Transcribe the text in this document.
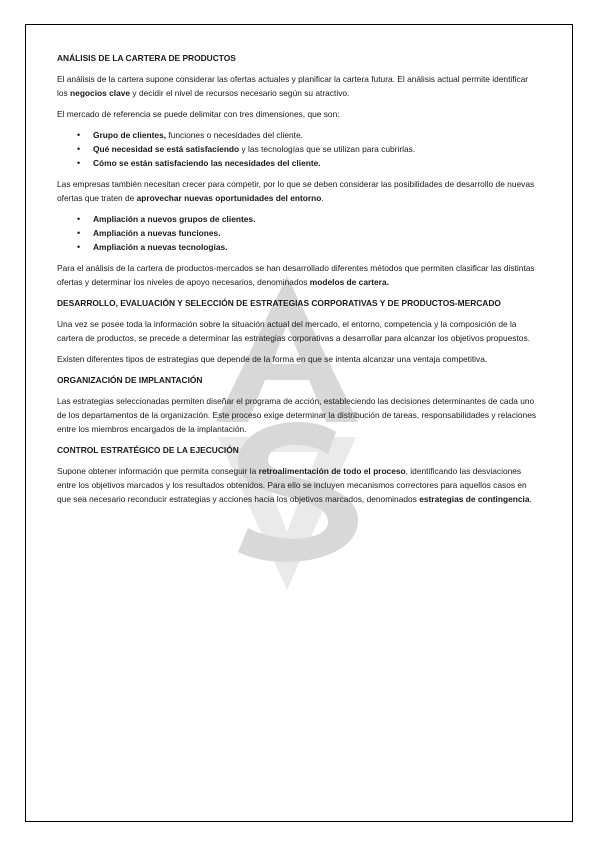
ANÁLISIS DE LA CARTERA DE PRODUCTOS

El análisis de la cartera supone considerar las ofertas actuales y planificar la cartera futura. El análisis actual permite identificar los negocios clave y decidir el nivel de recursos necesario según su atractivo.

El mercado de referencia se puede delimitar con tres dimensiones, que son:

• Grupo de clientes, funciones o necesidades del cliente.
• Qué necesidad se está satisfaciendo y las tecnologías que se utilizan para cubrirlas.
• Cómo se están satisfaciendo las necesidades del cliente.

Las empresas también necesitan crecer para competir, por lo que se deben considerar las posibilidades de desarrollo de nuevas ofertas que traten de aprovechar nuevas oportunidades del entorno.

• Ampliación a nuevos grupos de clientes.
• Ampliación a nuevas funciones.
• Ampliación a nuevas tecnologías.

Para el análisis de la cartera de productos-mercados se han desarrollado diferentes métodos que permiten clasificar las distintas ofertas y determinar los niveles de apoyo necesarios, denominados modelos de cartera.

DESARROLLO, EVALUACIÓN Y SELECCIÓN DE ESTRATEGIAS CORPORATIVAS Y DE PRODUCTOS-MERCADO

Una vez se posee toda la información sobre la situación actual del mercado, el entorno, competencia y la composición de la cartera de productos, se precede a determinar las estrategias corporativas a desarrollar para alcanzar los objetivos propuestos.

Existen diferentes tipos de estrategias que depende de la forma en que se intenta alcanzar una ventaja competitiva.

ORGANIZACIÓN DE IMPLANTACIÓN

Las estrategias seleccionadas permiten diseñar el programa de acción, estableciendo las decisiones determinantes de cada uno de los departamentos de la organización. Este proceso exige determinar la distribución de tareas, responsabilidades y relaciones entre los miembros encargados de la implantación.

CONTROL ESTRATÉGICO DE LA EJECUCIÓN

Supone obtener información que permita conseguir la retroalimentación de todo el proceso, identificando las desviaciones entre los objetivos marcados y los resultados obtenidos. Para ello se incluyen mecanismos correctores para aquellos casos en que sea necesario reconducir estrategias y acciones hacia los objetivos marcados, denominados estrategias de contingencia.
